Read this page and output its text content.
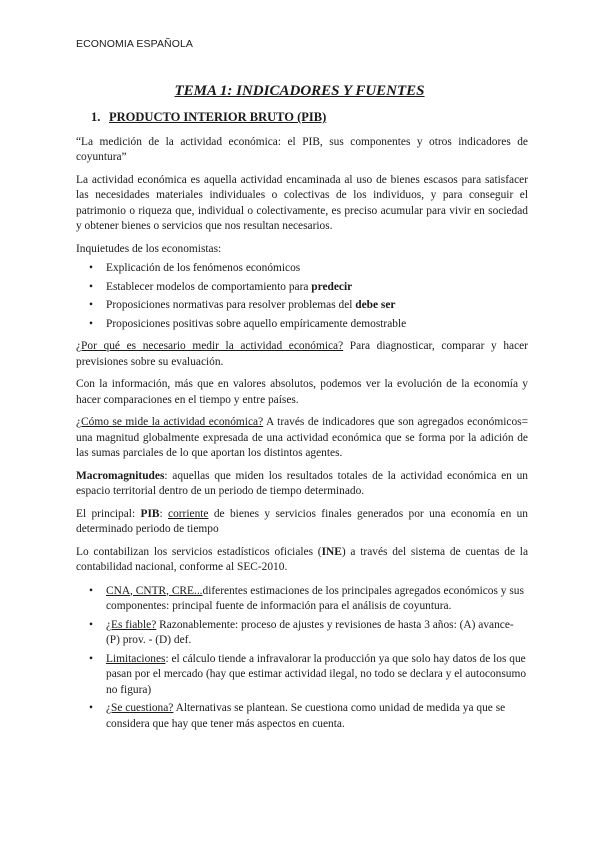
ECONOMIA ESPAÑOLA
TEMA 1: INDICADORES Y FUENTES
1. PRODUCTO INTERIOR BRUTO (PIB)

“La medición de la actividad económica: el PIB, sus componentes y otros indicadores de coyuntura”

La actividad económica es aquella actividad encaminada al uso de bienes escasos para satisfacer las necesidades materiales individuales o colectivas de los individuos, y para conseguir el patrimonio o riqueza que, individual o colectivamente, es preciso acumular para vivir en sociedad y obtener bienes o servicios que nos resultan necesarios.

Inquietudes de los economistas:

• Explicación de los fenómenos económicos
• Establecer modelos de comportamiento para predecir
• Proposiciones normativas para resolver problemas del debe ser
• Proposiciones positivas sobre aquello empíricamente demostrable

¿Por qué es necesario medir la actividad económica? Para diagnosticar, comparar y hacer previsiones sobre su evaluación.

Con la información, más que en valores absolutos, podemos ver la evolución de la economía y hacer comparaciones en el tiempo y entre países.

¿Cómo se mide la actividad económica? A través de indicadores que son agregados económicos= una magnitud globalmente expresada de una actividad económica que se forma por la adición de las sumas parciales de lo que aportan los distintos agentes.

Macromagnitudes: aquellas que miden los resultados totales de la actividad económica en un espacio territorial dentro de un periodo de tiempo determinado.

El principal: PIB: corriente de bienes y servicios finales generados por una economía en un determinado periodo de tiempo

Lo contabilizan los servicios estadísticos oficiales (INE) a través del sistema de cuentas de la contabilidad nacional, conforme al SEC-2010.

• CNA, CNTR, CRE...diferentes estimaciones de los principales agregados económicos y sus componentes: principal fuente de información para el análisis de coyuntura.
• ¿Es fiable? Razonablemente: proceso de ajustes y revisiones de hasta 3 años: (A) avance- (P) prov. - (D) def.
• Limitaciones: el cálculo tiende a infravalorar la producción ya que solo hay datos de los que pasan por el mercado (hay que estimar actividad ilegal, no todo se declara y el autoconsumo no figura)
• ¿Se cuestiona? Alternativas se plantean. Se cuestiona como unidad de medida ya que se considera que hay que tener más aspectos en cuenta.
